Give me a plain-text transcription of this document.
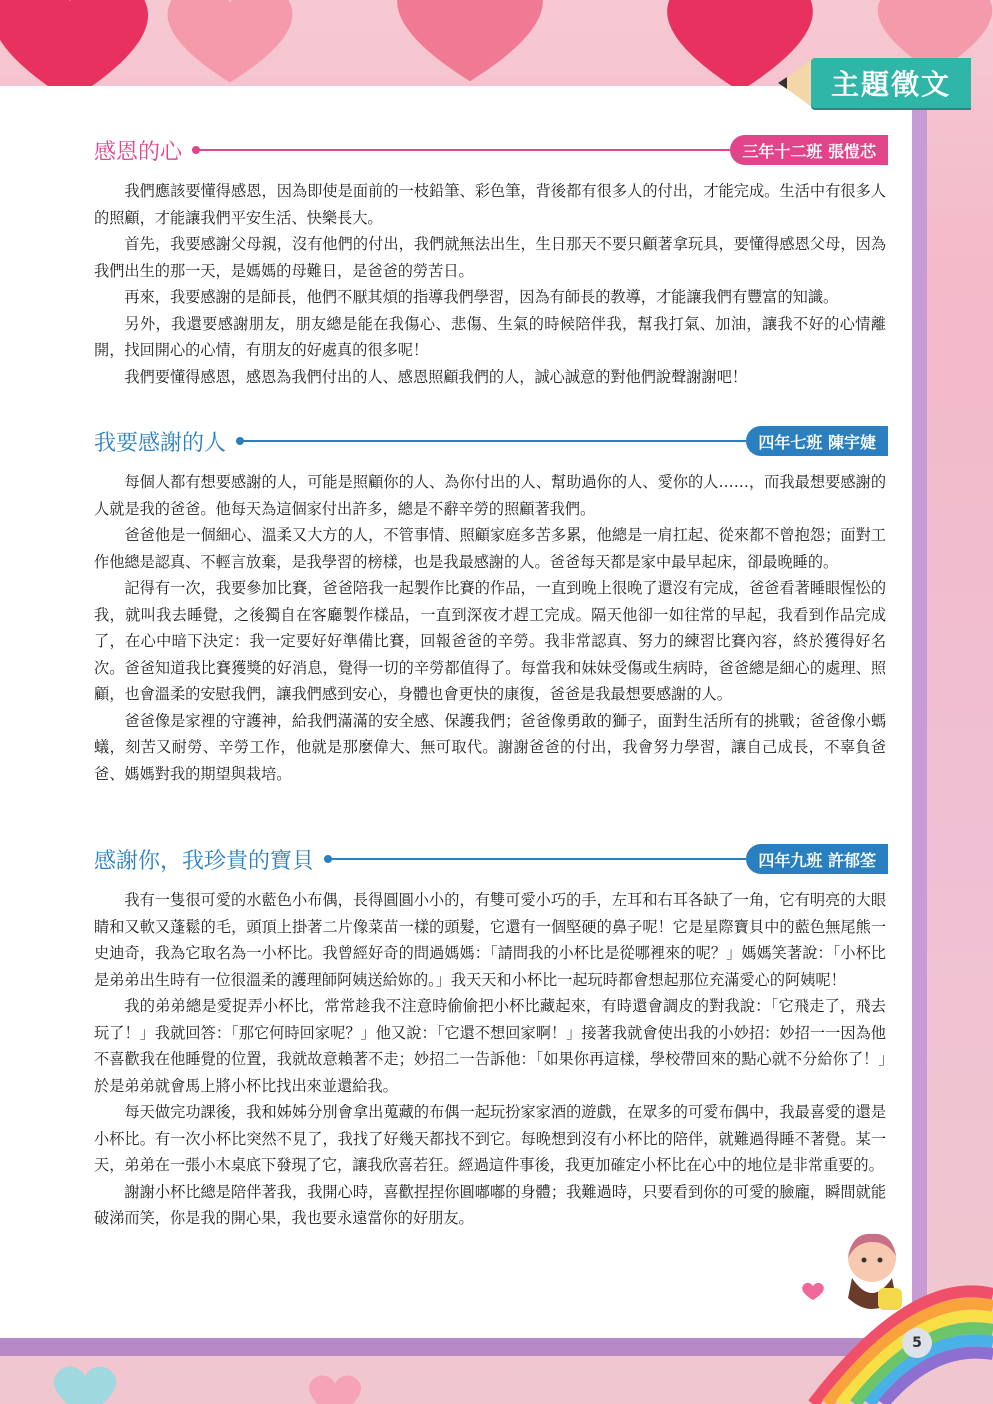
主題徵文
感恩的心	三年十二班 張愷芯

我們應該要懂得感恩，因為即使是面前的一枝鉛筆、彩色筆，背後都有很多人的付出，才能完成。生活中有很多人的照顧，才能讓我們平安生活、快樂長大。

首先，我要感謝父母親，沒有他們的付出，我們就無法出生，生日那天不要只顧著拿玩具，要懂得感恩父母，因為我們出生的那一天，是媽媽的母難日，是爸爸的勞苦日。

再來，我要感謝的是師長，他們不厭其煩的指導我們學習，因為有師長的教導，才能讓我們有豐富的知識。

另外，我還要感謝朋友，朋友總是能在我傷心、悲傷、生氣的時候陪伴我，幫我打氣、加油，讓我不好的心情離開，找回開心的心情，有朋友的好處真的很多呢！

我們要懂得感恩，感恩為我們付出的人、感恩照顧我們的人，誠心誠意的對他們說聲謝謝吧！

我要感謝的人	四年七班 陳宇婕

每個人都有想要感謝的人，可能是照顧你的人、為你付出的人、幫助過你的人、愛你的人……，而我最想要感謝的人就是我的爸爸。他每天為這個家付出許多，總是不辭辛勞的照顧著我們。

爸爸他是一個細心、溫柔又大方的人，不管事情、照顧家庭多苦多累，他總是一肩扛起、從來都不曾抱怨；面對工作他總是認真、不輕言放棄，是我學習的榜樣，也是我最感謝的人。爸爸每天都是家中最早起床，卻最晚睡的。

記得有一次，我要參加比賽，爸爸陪我一起製作比賽的作品，一直到晚上很晚了還沒有完成，爸爸看著睡眼惺忪的我，就叫我去睡覺，之後獨自在客廳製作樣品，一直到深夜才趕工完成。隔天他卻一如往常的早起，我看到作品完成了，在心中暗下決定：我一定要好好準備比賽，回報爸爸的辛勞。我非常認真、努力的練習比賽內容，終於獲得好名次。爸爸知道我比賽獲獎的好消息，覺得一切的辛勞都值得了。每當我和妹妹受傷或生病時，爸爸總是細心的處理、照顧，也會溫柔的安慰我們，讓我們感到安心，身體也會更快的康復，爸爸是我最想要感謝的人。

爸爸像是家裡的守護神，給我們滿滿的安全感、保護我們；爸爸像勇敢的獅子，面對生活所有的挑戰；爸爸像小螞蟻，刻苦又耐勞、辛勞工作，他就是那麼偉大、無可取代。謝謝爸爸的付出，我會努力學習，讓自己成長，不辜負爸爸、媽媽對我的期望與栽培。

感謝你，我珍貴的寶貝	四年九班 許郁筌

我有一隻很可愛的水藍色小布偶，長得圓圓小小的，有雙可愛小巧的手，左耳和右耳各缺了一角，它有明亮的大眼睛和又軟又蓬鬆的毛，頭頂上掛著二片像菜苗一樣的頭髮，它還有一個堅硬的鼻子呢！它是星際寶貝中的藍色無尾熊一史迪奇，我為它取名為一小杯比。我曾經好奇的問過媽媽：「請問我的小杯比是從哪裡來的呢？」媽媽笑著說：「小杯比是弟弟出生時有一位很溫柔的護理師阿姨送給妳的。」我天天和小杯比一起玩時都會想起那位充滿愛心的阿姨呢！

我的弟弟總是愛捉弄小杯比，常常趁我不注意時偷偷把小杯比藏起來，有時還會調皮的對我說：「它飛走了，飛去玩了！」我就回答：「那它何時回家呢？」他又說：「它還不想回家啊！」接著我就會使出我的小妙招：妙招一一因為他不喜歡我在他睡覺的位置，我就故意賴著不走；妙招二一告訴他：「如果你再這樣，學校帶回來的點心就不分給你了！」於是弟弟就會馬上將小杯比找出來並還給我。

每天做完功課後，我和姊姊分別會拿出蒐藏的布偶一起玩扮家家酒的遊戲，在眾多的可愛布偶中，我最喜愛的還是小杯比。有一次小杯比突然不見了，我找了好幾天都找不到它。每晚想到沒有小杯比的陪伴，就難過得睡不著覺。某一天，弟弟在一張小木桌底下發現了它，讓我欣喜若狂。經過這件事後，我更加確定小杯比在心中的地位是非常重要的。

謝謝小杯比總是陪伴著我，我開心時，喜歡捏捏你圓嘟嘟的身體；我難過時，只要看到你的可愛的臉龐，瞬間就能破涕而笑，你是我的開心果，我也要永遠當你的好朋友。

5
